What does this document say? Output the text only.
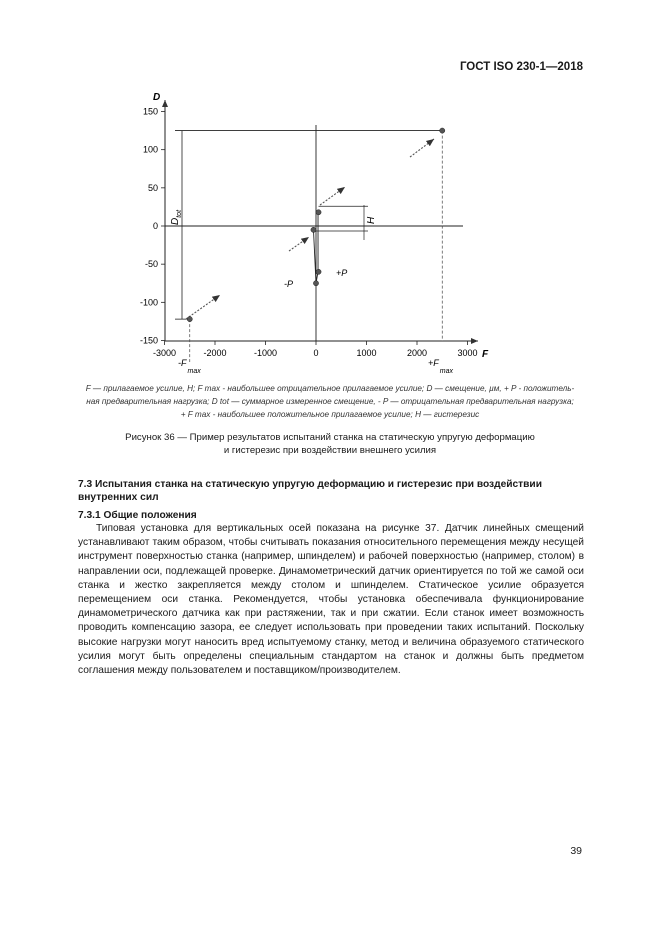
ГОСТ ISO 230-1—2018
-3000	-2000	-1000	0	1000	2000	3000
-150
-100
-50
0
50
100
150
D
F
$D_{tot}$
H
-P
+P
$-F_{max}$
$+F_{max}$
F — прилагаемое усилие, Н; F max - наибольшее отрицательное прилагаемое усилие; D — смещение, µм, + P - положитель-
ная предварительная нагрузка; D tot — суммарное измеренное смещение, - P — отрицательная предварительная нагрузка;
+ F max - наибольшее положительное прилагаемое усилие; H — гистерезис
Рисунок 36 — Пример результатов испытаний станка на статическую упругую деформацию
и гистерезис при воздействии внешнего усилия
7.3 Испытания станка на статическую упругую деформацию и гистерезис при воздействии внутренних сил
7.3.1 Общие положения

Типовая установка для вертикальных осей показана на рисунке 37. Датчик линейных смещений устанавливают таким образом, чтобы считывать показания относительного перемещения между несущей инструмент поверхностью станка (например, шпинделем) и рабочей поверхностью (например, столом) в направлении оси, подлежащей проверке. Динамометрический датчик ориентируется по той же самой оси станка и жестко закрепляется между столом и шпинделем. Статическое усилие образуется перемещением оси станка. Рекомендуется, чтобы установка обеспечивала функционирование динамометрического датчика как при растяжении, так и при сжатии. Если станок имеет возможность проводить компенсацию зазора, ее следует использовать при проведении таких испытаний. Поскольку высокие нагрузки могут наносить вред испытуемому станку, метод и величина образуемого статического усилия могут быть определены специальным стандартом на станок и должны быть предметом соглашения между пользователем и поставщиком/производителем.

39
